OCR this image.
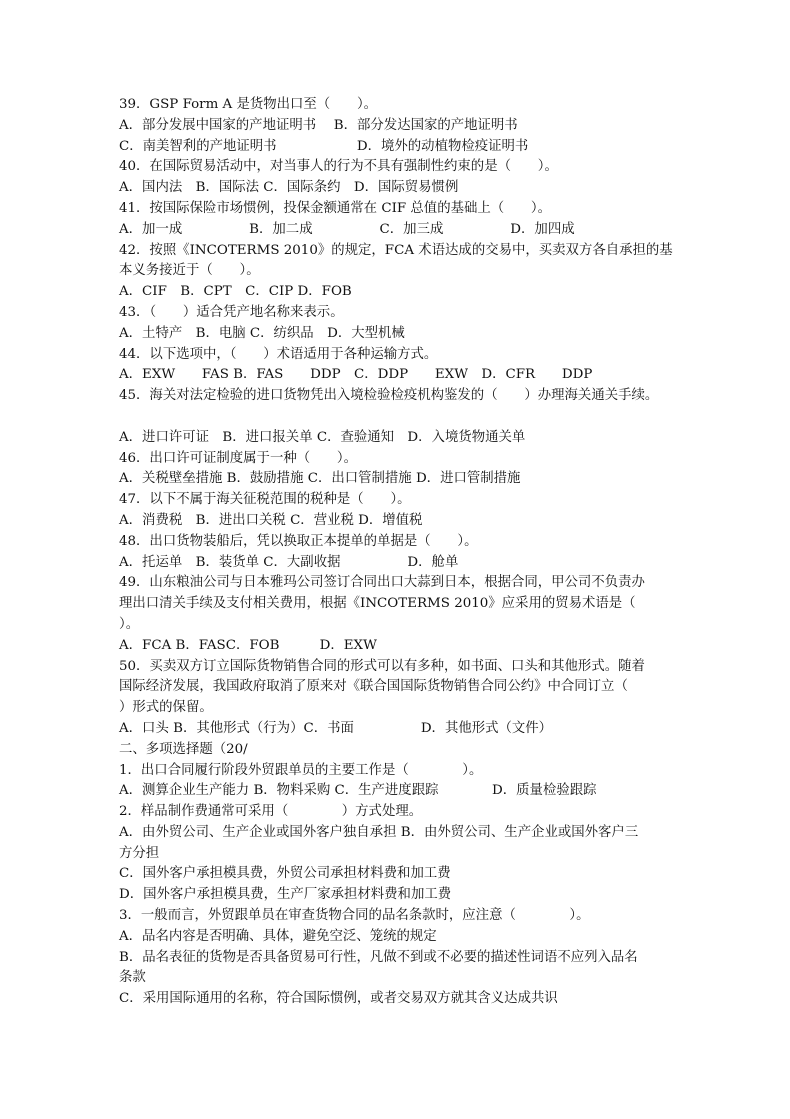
39．GSP Form A 是货物出口至（　　）。
A．部分发展中国家的产地证明书　 B．部分发达国家的产地证明书
C．南美智利的产地证明书　　　　　　D．境外的动植物检疫证明书
40．在国际贸易活动中，对当事人的行为不具有强制性约束的是（　　）。
A．国内法　B．国际法 C．国际条约　D．国际贸易惯例
41．按国际保险市场惯例，投保金额通常在 CIF 总值的基础上（　　）。
A．加一成　　　　　B．加二成　　　　　C．加三成　　　　　D．加四成
42．按照《INCOTERMS 2010》的规定，FCA 术语达成的交易中，买卖双方各自承担的基
本义务接近于（　　）。
A．CIF　B．CPT　C．CIP D．FOB
43．（　　）适合凭产地名称来表示。
A．土特产　B．电脑 C．纺织品　D．大型机械
44．以下选项中，（　　）术语适用于各种运输方式。
A．EXW　　FAS B．FAS　　DDP　C．DDP　　EXW　D．CFR　　DDP
45．海关对法定检验的进口货物凭出入境检验检疫机构鉴发的（　　）办理海关通关手续。
A．进口许可证　B．进口报关单 C．查验通知　D．入境货物通关单
46．出口许可证制度属于一种（　　）。
A．关税壁垒措施 B．鼓励措施 C．出口管制措施 D．进口管制措施
47．以下不属于海关征税范围的税种是（　　）。
A．消费税　B．进出口关税 C．营业税 D．增值税
48．出口货物装船后，凭以换取正本提单的单据是（　　）。
A．托运单　B．装货单 C．大副收据　　　　　D．舱单
49．山东粮油公司与日本雅玛公司签订合同出口大蒜到日本，根据合同，甲公司不负责办
理出口清关手续及支付相关费用，根据《INCOTERMS 2010》应采用的贸易术语是（
）。
A．FCA B．FASC．FOB　　　D．EXW
50．买卖双方订立国际货物销售合同的形式可以有多种，如书面、口头和其他形式。随着
国际经济发展，我国政府取消了原来对《联合国国际货物销售合同公约》中合同订立（
）形式的保留。
A．口头 B．其他形式（行为）C．书面　　　　　D．其他形式（文件）
二、多项选择题（20/
1．出口合同履行阶段外贸跟单员的主要工作是（　　　　）。
A．测算企业生产能力 B．物料采购 C．生产进度跟踪　　　　D．质量检验跟踪
2．样品制作费通常可采用（　　　　）方式处理。
A．由外贸公司、生产企业或国外客户独自承担 B．由外贸公司、生产企业或国外客户三
方分担
C．国外客户承担模具费，外贸公司承担材料费和加工费
D．国外客户承担模具费，生产厂家承担材料费和加工费
3．一般而言，外贸跟单员在审查货物合同的品名条款时，应注意（　　　　）。
A．品名内容是否明确、具体，避免空泛、笼统的规定
B．品名表征的货物是否具备贸易可行性，凡做不到或不必要的描述性词语不应列入品名
条款
C．采用国际通用的名称，符合国际惯例，或者交易双方就其含义达成共识
